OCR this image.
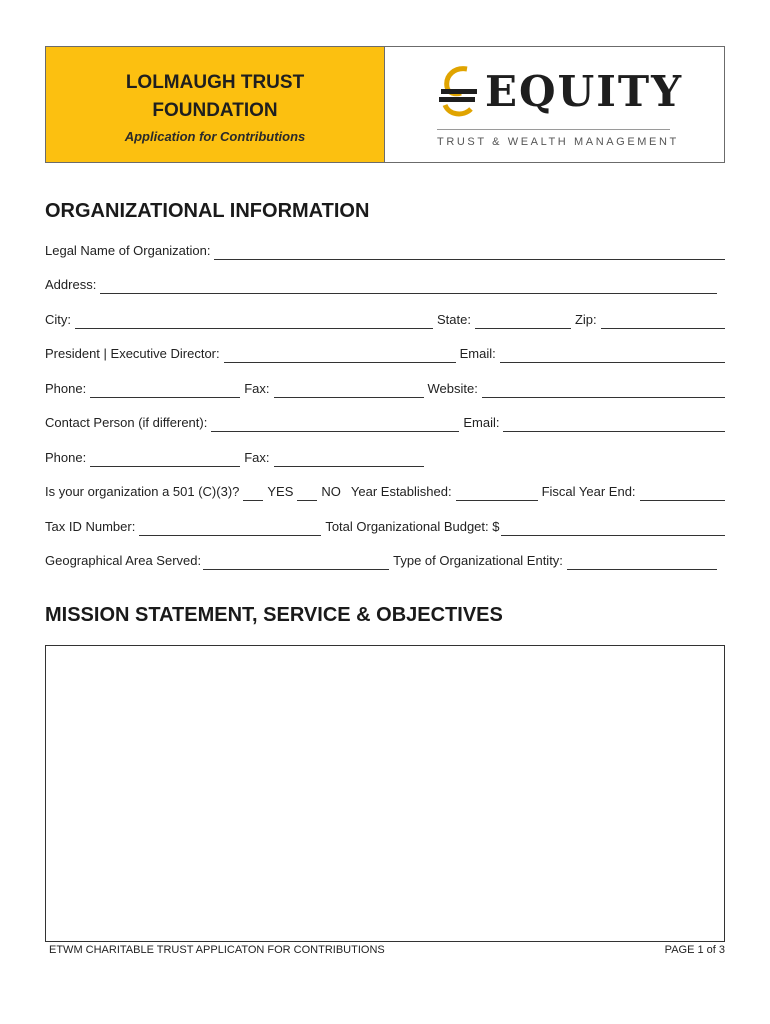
LOLMAUGH TRUST FOUNDATION
Application for Contributions
EQUITY
TRUST & WEALTH MANAGEMENT
ORGANIZATIONAL INFORMATION
Legal Name of Organization:
Address:
City:	State:	Zip:
President | Executive Director:	Email:
Phone:	Fax:	Website:
Contact Person (if different):	Email:
Phone:	Fax:
Is your organization a 501 (C)(3)? YES NO Year Established:	Fiscal Year End:
Tax ID Number:	Total Organizational Budget: $
Geographical Area Served:	Type of Organizational Entity:
MISSION STATEMENT, SERVICE & OBJECTIVES
ETWM CHARITABLE TRUST APPLICATON FOR CONTRIBUTIONS	PAGE 1 of 3
